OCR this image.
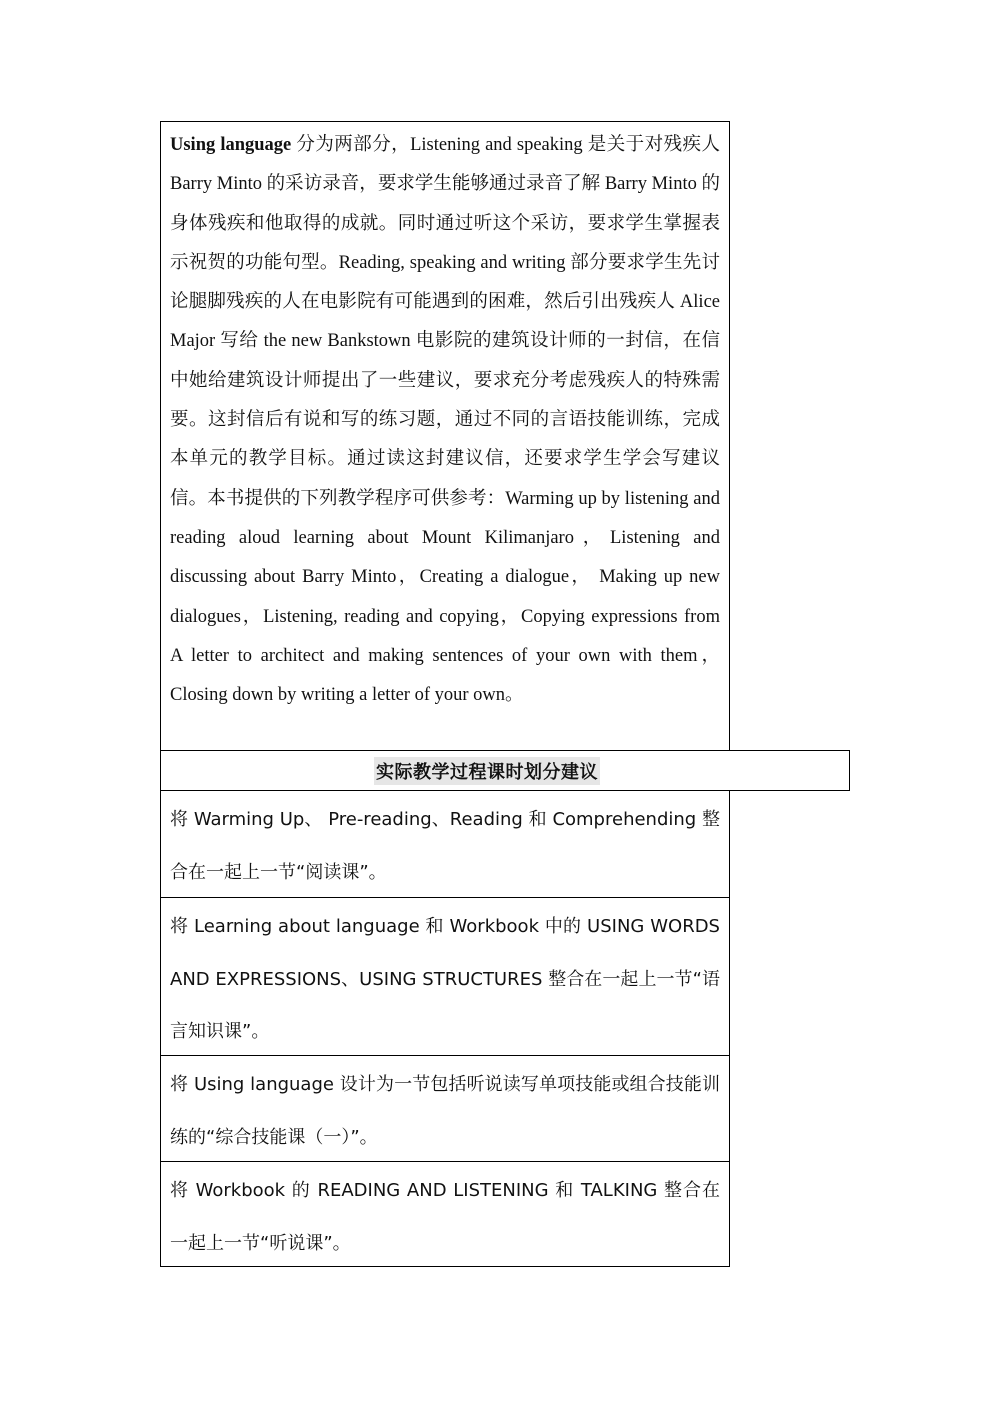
Using language 分为两部分，Listening and speaking 是关于对残疾人 Barry Minto 的采访录音，要求学生能够通过录音了解 Barry Minto 的身体残疾和他取得的成就。同时通过听这个采访，要求学生掌握表示祝贺的功能句型。Reading, speaking and writing 部分要求学生先讨论腿脚残疾的人在电影院有可能遇到的困难，然后引出残疾人 Alice Major 写给 the new Bankstown 电影院的建筑设计师的一封信，在信中她给建筑设计师提出了一些建议，要求充分考虑残疾人的特殊需要。这封信后有说和写的练习题，通过不同的言语技能训练，完成本单元的教学目标。通过读这封建议信，还要求学生学会写建议信。本书提供的下列教学程序可供参考：Warming up by listening and reading aloud learning about Mount Kilimanjaro，Listening and discussing about Barry Minto，Creating a dialogue， Making up new dialogues，Listening, reading and copying，Copying expressions from A letter to architect and making sentences of your own with them，Closing down by writing a letter of your own。
实际教学过程课时划分建议
将 Warming Up、 Pre-reading、Reading 和 Comprehending 整合在一起上一节“阅读课”。
将 Learning about language 和 Workbook 中的 USING WORDS AND EXPRESSIONS、USING STRUCTURES 整合在一起上一节“语言知识课”。
将 Using language 设计为一节包括听说读写单项技能或组合技能训练的“综合技能课（一）”。
将 Workbook 的 READING AND LISTENING 和 TALKING 整合在一起上一节“听说课”。
